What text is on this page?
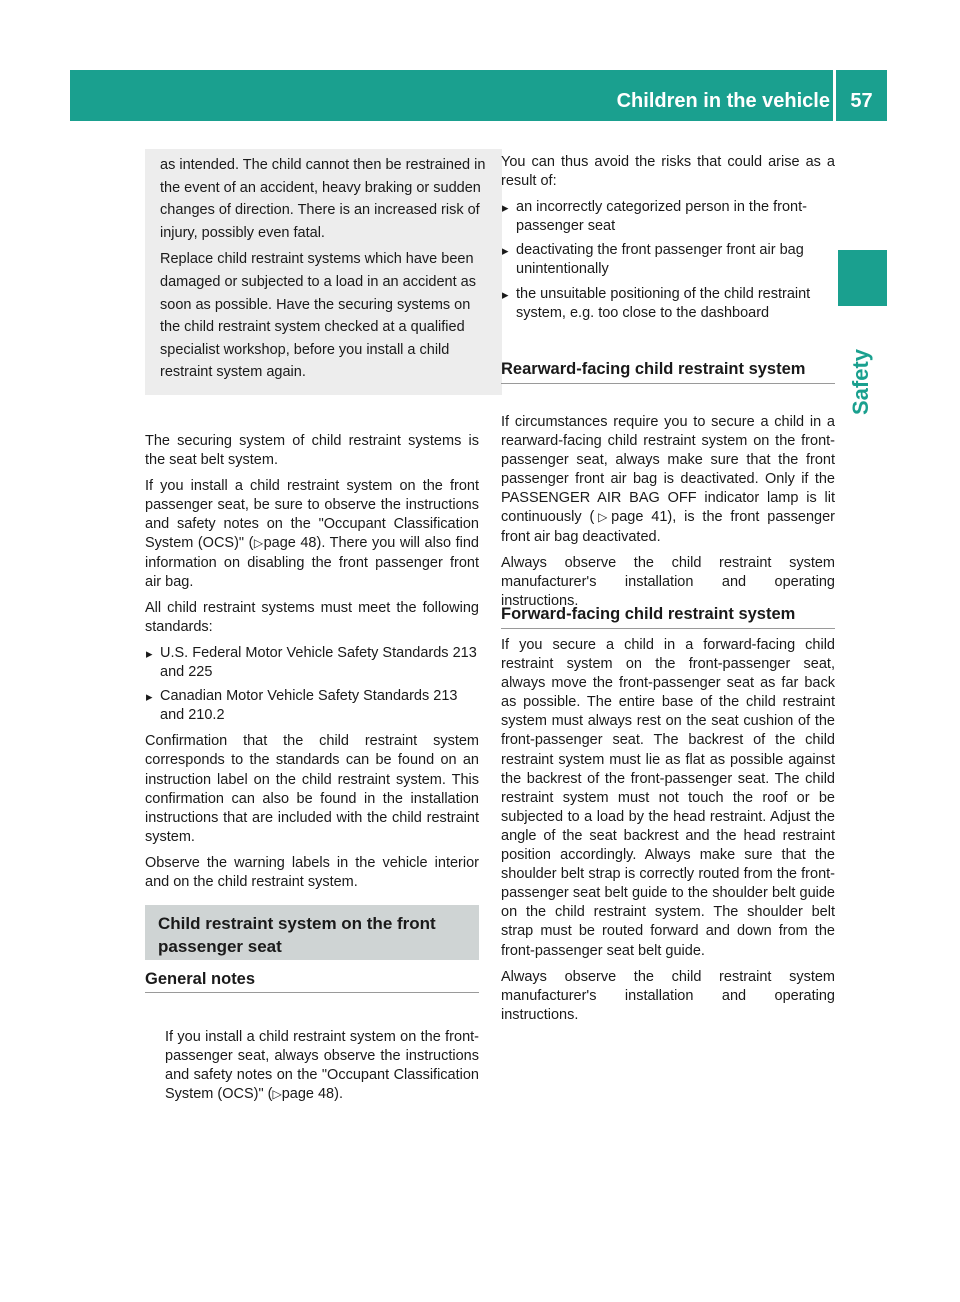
Children in the vehicle	57
Safety

as intended. The child cannot then be restrained in the event of an accident, heavy braking or sudden changes of direction. There is an increased risk of injury, possibly even fatal.

Replace child restraint systems which have been damaged or subjected to a load in an accident as soon as possible. Have the securing systems on the child restraint system checked at a qualified specialist workshop, before you install a child restraint system again.

The securing system of child restraint systems is the seat belt system.

If you install a child restraint system on the front passenger seat, be sure to observe the instructions and safety notes on the "Occupant Classification System (OCS)" (▷page 48). There you will also find information on disabling the front passenger front air bag.

All child restraint systems must meet the following standards:

▸ U.S. Federal Motor Vehicle Safety Standards 213 and 225
▸ Canadian Motor Vehicle Safety Standards 213 and 210.2

Confirmation that the child restraint system corresponds to the standards can be found on an instruction label on the child restraint system. This confirmation can also be found in the installation instructions that are included with the child restraint system.

Observe the warning labels in the vehicle interior and on the child restraint system.

Child restraint system on the front passenger seat
General notes

If you install a child restraint system on the front-passenger seat, always observe the instructions and safety notes on the "Occupant Classification System (OCS)" (▷page 48).

You can thus avoid the risks that could arise as a result of:

▸ an incorrectly categorized person in the front-passenger seat
▸ deactivating the front passenger front air bag unintentionally
▸ the unsuitable positioning of the child restraint system, e.g. too close to the dashboard
Rearward-facing child restraint system

If circumstances require you to secure a child in a rearward-facing child restraint system on the front-passenger seat, always make sure that the front passenger front air bag is deactivated. Only if the PASSENGER AIR BAG OFF indicator lamp is lit continuously (▷page 41), is the front passenger front air bag deactivated.

Always observe the child restraint system manufacturer's installation and operating instructions.

Forward-facing child restraint system

If you secure a child in a forward-facing child restraint system on the front-passenger seat, always move the front-passenger seat as far back as possible. The entire base of the child restraint system must always rest on the seat cushion of the front-passenger seat. The backrest of the child restraint system must lie as flat as possible against the backrest of the front-passenger seat. The child restraint system must not touch the roof or be subjected to a load by the head restraint. Adjust the angle of the seat backrest and the head restraint position accordingly. Always make sure that the shoulder belt strap is correctly routed from the front-passenger seat belt guide to the shoulder belt guide on the child restraint system. The shoulder belt strap must be routed forward and down from the front-passenger seat belt guide.

Always observe the child restraint system manufacturer's installation and operating instructions.
